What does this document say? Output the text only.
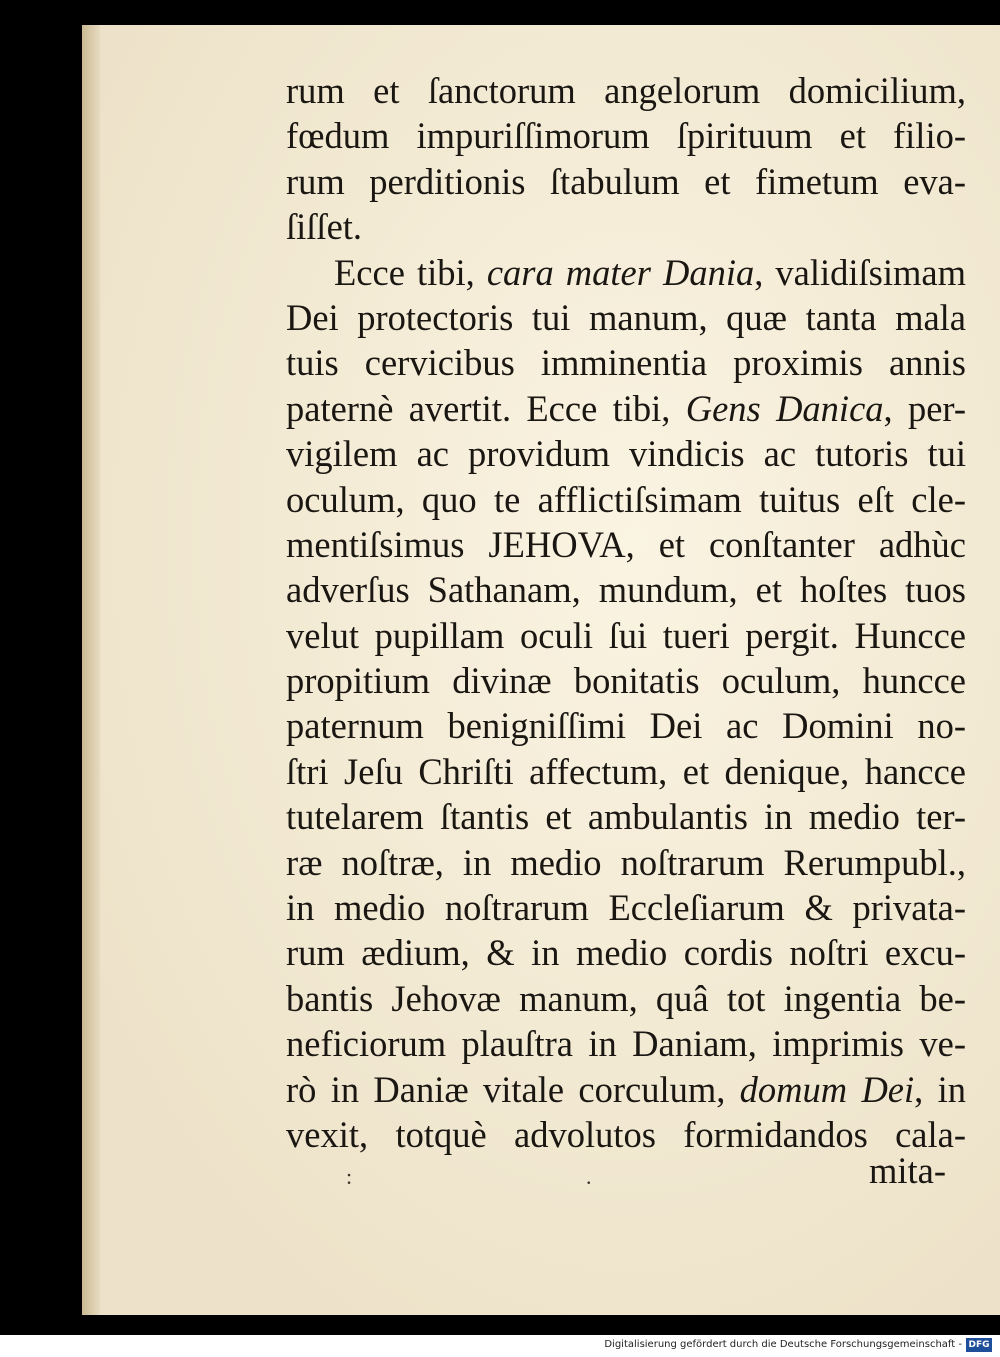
rum et ſanctorum angelorum domicilium,
fœdum impuriſſimorum ſpirituum et filio-
rum perditionis ſtabulum et fimetum eva-
ſiſſet.
Ecce tibi, cara mater Dania, validiſsimam
Dei protectoris tui manum, quæ tanta mala
tuis cervicibus imminentia proximis annis
paternè avertit. Ecce tibi, Gens Danica, per-
vigilem ac providum vindicis ac tutoris tui
oculum, quo te afflictiſsimam tuitus eſt cle-
mentiſsimus JEHOVA, et conſtanter adhùc
adverſus Sathanam, mundum, et hoſtes tuos
velut pupillam oculi ſui tueri pergit. Huncce
propitium divinæ bonitatis oculum, huncce
paternum benigniſſimi Dei ac Domini no-
ſtri Jeſu Chriſti affectum, et denique, hancce
tutelarem ſtantis et ambulantis in medio ter-
ræ noſtræ, in medio noſtrarum Rerumpubl.,
in medio noſtrarum Eccleſiarum & privata-
rum ædium, & in medio cordis noſtri excu-
bantis Jehovæ manum, quâ tot ingentia be-
neficiorum plauſtra in Daniam, imprimis ve-
rò in Daniæ vitale corculum, domum Dei, in
vexit, totquè advolutos formidandos cala-
:	.	mita-
Digitalisierung gefördert durch die Deutsche Forschungsgemeinschaft - DFG
